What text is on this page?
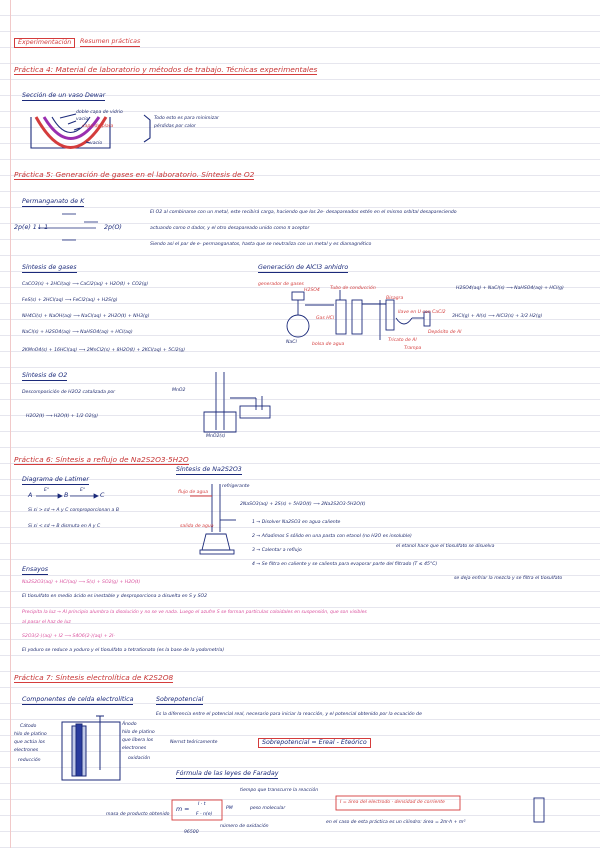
Experimentación	Resumen prácticas
Práctica 4: Material de laboratorio y métodos de trabajo. Técnicas experimentales
Sección de un vaso Dewar
doble capa de vidrio
vacío
capa de plata
vacío
Todo esto es para minimizar
pérdidas por calor
Práctica 5: Generación de gases en el laboratorio. Síntesis de O2
Permanganato de K
2p(e) 1↓ 1	2p(O)
El O2 al combinarse con un metal, este recibirá carga, haciendo que los 2e- desapareados estén en el mismo orbital desapareciendo
actuando como σ dador, y el otro desapareado unido como π aceptor
Siendo así el par de e- permanganatos, hasta que se neutraliza con un metal y es diamagnético
Síntesis de gases
CaCO3(s) + 2HCl(aq) ⟶ CaCl2(aq) + H2O(ℓ) + CO2(g)
FeS(s) + 2HCl(aq) ⟶ FeCl2(aq) + H2S(g)
NH4Cl(s) + NaOH(aq) ⟶ NaCl(aq) + 2H2O(ℓ) + NH3(g)
NaCl(s) + H2SO4(aq) ⟶ NaHSO4(aq) + HCl(aq)
2KMnO4(s) + 16HCl(aq) ⟶ 2MnCl2(s) + 8H2O(ℓ) + 2KCl(aq) + 5Cl2(g)
Generación de AlCl3 anhidro
generador de gases
H2SO4 Tubo de conducción
Bisagra
llave en U con CaCl2
Gas HCl
Tricato de Al
Trampa
bolsa de agua
Depósito de Al
NaCl
H2SO4(aq) + NaCl(s) ⟶ NaHSO4(aq) + HCl(g)
3HCl(g) + Al(s) ⟶ AlCl3(s) + 3/2 H2(g)
Síntesis de O2
Descomposición de H2O2 catalizada por	MnO2
H2O2(ℓ) ⟶ H2O(ℓ) + 1/2 O2(g)
MnO2(s)
Práctica 6: Síntesis a reflujo de Na2S2O3·5H2O
Diagrama de Latimer
A
E°
B
E°
C
Si εi > εd → A y C comproporcionan a B
Si εi < εd → B dismuta en A y C
Síntesis de Na2S2O3
flujo de agua
refrigerante
salida de agua
2NaSO3(aq) + 2S(s) + 5H2O(ℓ) ⟶ 2Na2S2O3·5H2O(ℓ)
1 → Disolver Na2SO3 en agua caliente
2 → Añadimos S sólido en una pasta con etanol (no H2O es insoluble)
el etanol hace que el tiosulfato se disuelva
3 → Calentar a reflujo
4 → Se filtra en caliente y se calienta para evaporar parte del filtrado (T ≤ 45°C)
se deja enfriar la mezcla y se filtra el tiosulfato
Ensayos
Na2S2O3(aq) + HCl(aq) ⟶ S(s) + SO2(g) + H2O(ℓ)
El tiosulfato en medio ácido es inestable y desproporciona a disuelta en S y SO2
Precipita la luz → Al principio alumbra la disolución y no se ve nada. Luego el azufre S se forman partículas coloidales en suspensión, que son visibles
al pasar el haz de luz
S2O3(2-)(aq) + I2 ⟶ S4O6(2-)(aq) + 2I-
El yoduro se reduce a yoduro y el tiosulfato a tetrationato (es la base de la yodometría)
Práctica 7: Síntesis electrolítica de K2S2O8
Componentes de celda electrolítica
Cátodo
hilo de platino
que actúa los
electrones
reducción
Ánodo
hilo de platino
que libera los
electrones
oxidación
Sobrepotencial
Es la diferencia entre el potencial real, necesario para iniciar la reacción, y el potencial obtenido por la ecuación de
Nernst teóricamente	Sobrepotencial = Ereal - Eteórico
Fórmula de las leyes de Faraday
tiempo que transcurre la reacción
peso molecular
masa de producto obtenido
número de oxidación
96500
m =
I · t
F · n(e)
PM
I = área del electrodo · densidad de corriente
en el caso de esta práctica es un cilindro: área = 2πr·h + πr²
